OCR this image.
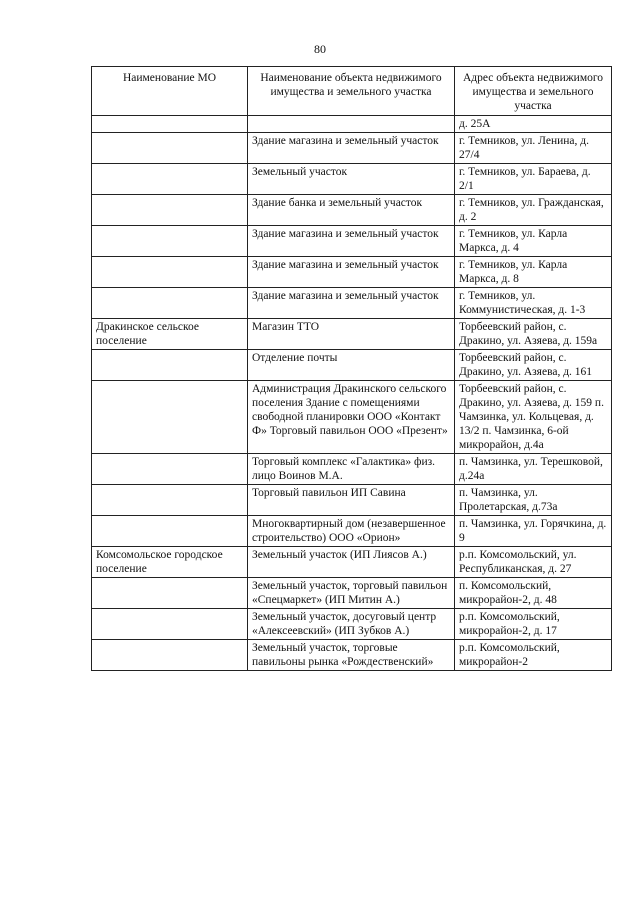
80
Наименование МО	Наименование объекта недвижимого имущества и земельного участка	Адрес объекта недвижимого имущества и земельного участка
		д. 25А
	Здание магазина и земельный участок	г. Темников, ул. Ленина, д. 27/4
	Земельный участок	г. Темников, ул. Бараева, д. 2/1
	Здание банка и земельный участок	г. Темников, ул. Гражданская, д. 2
	Здание магазина и земельный участок	г. Темников, ул. Карла Маркса, д. 4
	Здание магазина и земельный участок	г. Темников, ул. Карла Маркса, д. 8
	Здание магазина и земельный участок	г. Темников, ул. Коммунистическая, д. 1-3
Дракинское сельское поселение	Магазин ТТО	Торбеевский район, с. Дракино, ул. Азяева, д. 159а
	Отделение почты	Торбеевский район, с. Дракино, ул. Азяева, д. 161
	Администрация Дракинского сельского поселения Здание с помещениями свободной планировки ООО «Контакт Ф» Торговый павильон ООО «Презент»	Торбеевский район, с. Дракино, ул. Азяева, д. 159 п. Чамзинка, ул. Кольцевая, д. 13/2 п. Чамзинка, 6-ой микрорайон, д.4а
	Торговый комплекс «Галактика» физ. лицо Воинов М.А.	п. Чамзинка, ул. Терешковой, д.24а
	Торговый павильон ИП Савина	п. Чамзинка, ул. Пролетарская, д.73а
	Многоквартирный дом (незавершенное строительство) ООО «Орион»	п. Чамзинка, ул. Горячкина, д. 9
Комсомольское городское поселение	Земельный участок (ИП Лиясов А.)	р.п. Комсомольский, ул. Республиканская, д. 27
	Земельный участок, торговый павильон «Спецмаркет» (ИП Митин А.)	п. Комсомольский, микрорайон-2, д. 48
	Земельный участок, досуговый центр «Алексеевский» (ИП Зубков А.)	р.п. Комсомольский, микрорайон-2, д. 17
	Земельный участок, торговые павильоны рынка «Рождественский»	р.п. Комсомольский, микрорайон-2
